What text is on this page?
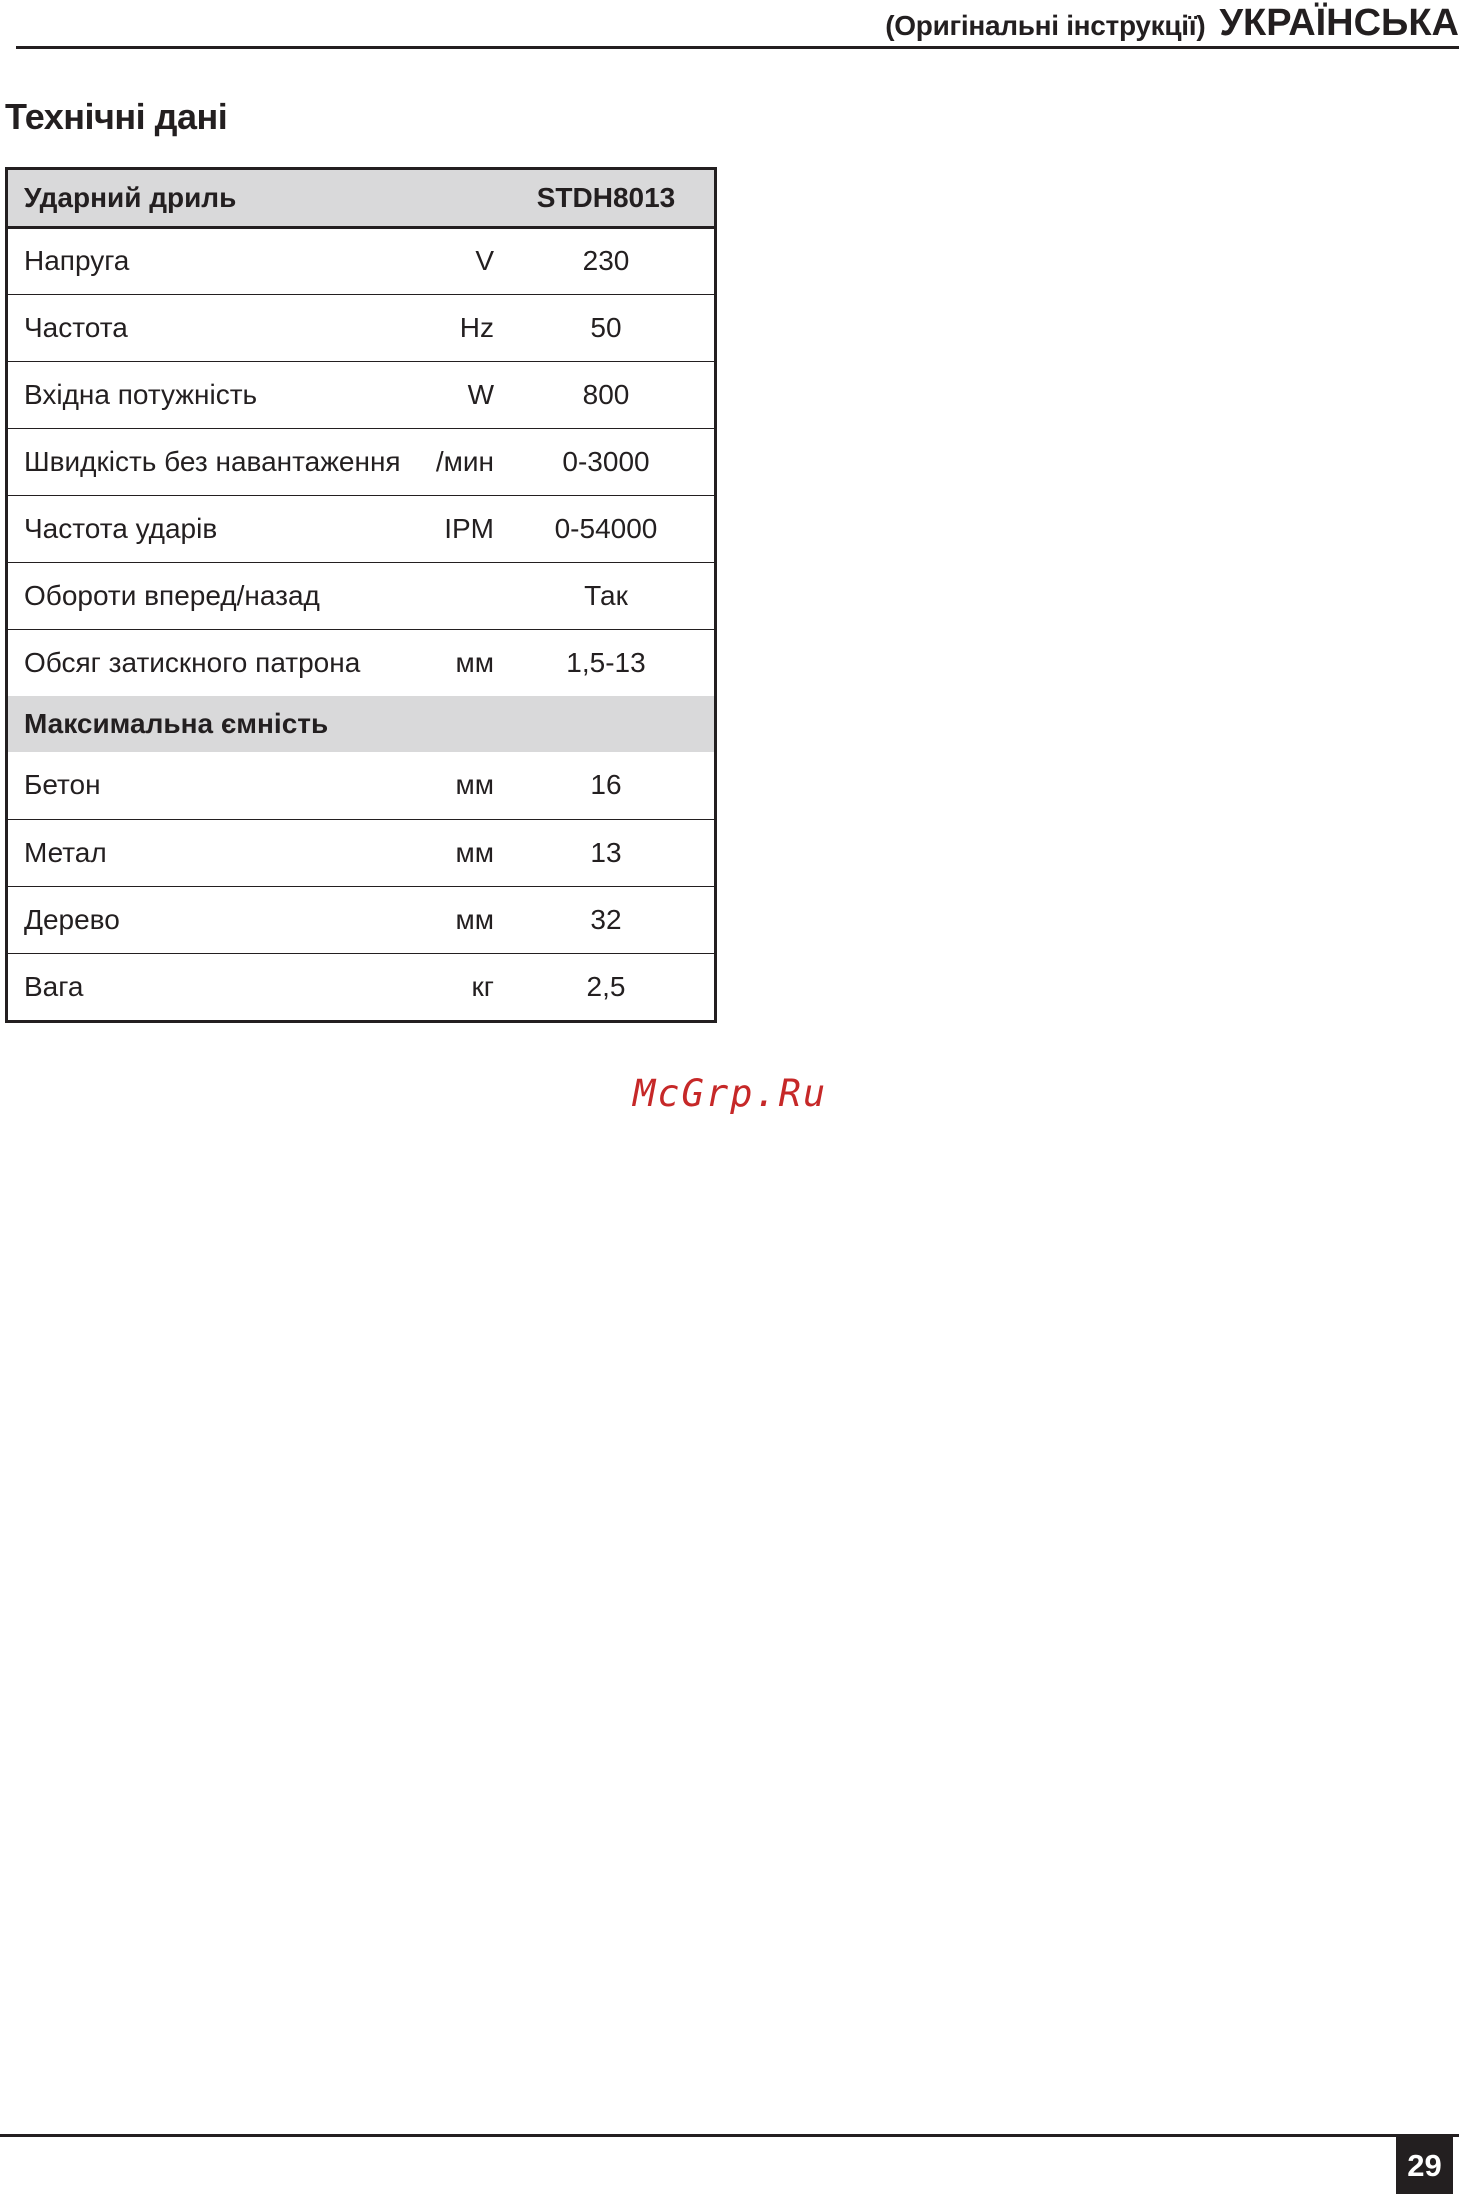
(Оригінальні інструкції) УКРАЇНСЬКА
Технічні дані
Ударний дриль		STDH8013
Напруга	V	230
Частота	Hz	50
Вхідна потужність	W	800
Швидкість без навантаження	/мин	0-3000
Частота ударів	IPM	0-54000
Обороти вперед/назад		Так
Обсяг затискного патрона	мм	1,5-13
Максимальна ємність		
Бетон	мм	16
Метал	мм	13
Дерево	мм	32
Вага	кг	2,5
McGrp.Ru
29
